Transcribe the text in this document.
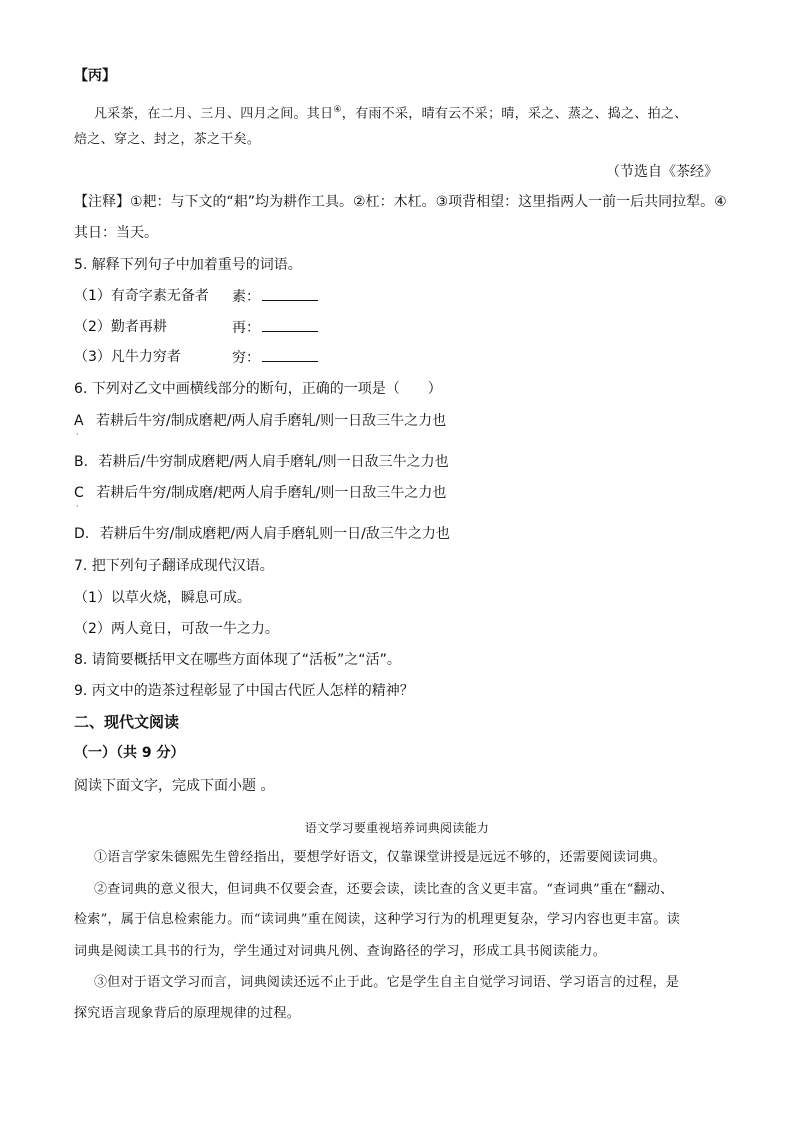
【丙】
凡采茶，在二月、三月、四月之间。其日④，有雨不采，晴有云不采；晴，采之、蒸之、捣之、拍之、
焙之、穿之、封之，茶之干矣。
（节选自《茶经》
【注释】①耙：与下文的“耜”均为耕作工具。②杠：木杠。③项背相望：这里指两人一前一后共同拉犁。④
其日：当天。
5. 解释下列句子中加着重号的词语。
（1）有奇字素无备者 素：
（2）勤者再耕	再：
（3）凡牛力穷者	穷：
6. 下列对乙文中画横线部分的断句，正确的一项是（　　）
A
·
若耕后牛穷/制成磨耙/两人肩手磨轧/则一日敌三牛之力也
B. 若耕后/牛穷制成磨耙/两人肩手磨轧/则一日敌三牛之力也
C
·
若耕后牛穷/制成磨/耙两人肩手磨轧/则一日敌三牛之力也
D. 若耕后牛穷/制成磨耙/两人肩手磨轧则一日/敌三牛之力也
7. 把下列句子翻译成现代汉语。
（1）以草火烧，瞬息可成。
（2）两人竟日，可敌一牛之力。
8. 请简要概括甲文在哪些方面体现了“活板”之“活”。
9. 丙文中的造茶过程彰显了中国古代匠人怎样的精神？
二、现代文阅读
（一）（共 9 分）
阅读下面文字，完成下面小题 。
语文学习要重视培养词典阅读能力
①语言学家朱德熙先生曾经指出，要想学好语文，仅靠课堂讲授是远远不够的，还需要阅读词典。
②查词典的意义很大，但词典不仅要会查，还要会读，读比查的含义更丰富。“查词典”重在“翻动、
检索”，属于信息检索能力。而“读词典”重在阅读，这种学习行为的机理更复杂，学习内容也更丰富。读
词典是阅读工具书的行为，学生通过对词典凡例、查询路径的学习，形成工具书阅读能力。
③但对于语文学习而言，词典阅读还远不止于此。它是学生自主自觉学习词语、学习语言的过程，是
探究语言现象背后的原理规律的过程。
